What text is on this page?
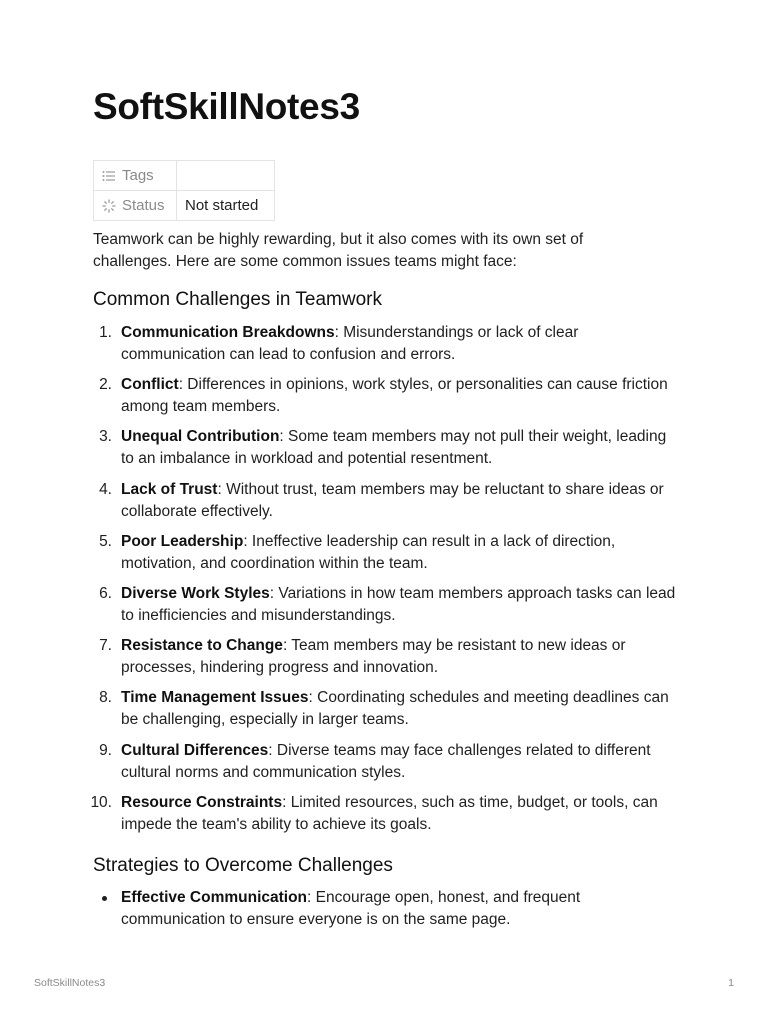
SoftSkillNotes3
Tags	

Status	Not started

Teamwork can be highly rewarding, but it also comes with its own set of challenges. Here are some common issues teams might face:

Common Challenges in Teamwork
1. Communication Breakdowns: Misunderstandings or lack of clear communication can lead to confusion and errors.
2. Conflict: Differences in opinions, work styles, or personalities can cause friction among team members.
3. Unequal Contribution: Some team members may not pull their weight, leading to an imbalance in workload and potential resentment.
4. Lack of Trust: Without trust, team members may be reluctant to share ideas or collaborate effectively.
5. Poor Leadership: Ineffective leadership can result in a lack of direction, motivation, and coordination within the team.
6. Diverse Work Styles: Variations in how team members approach tasks can lead to inefficiencies and misunderstandings.
7. Resistance to Change: Team members may be resistant to new ideas or processes, hindering progress and innovation.
8. Time Management Issues: Coordinating schedules and meeting deadlines can be challenging, especially in larger teams.
9. Cultural Differences: Diverse teams may face challenges related to different cultural norms and communication styles.
10. Resource Constraints: Limited resources, such as time, budget, or tools, can impede the team's ability to achieve its goals.
Strategies to Overcome Challenges
Effective Communication: Encourage open, honest, and frequent communication to ensure everyone is on the same page.
SoftSkillNotes3	1
